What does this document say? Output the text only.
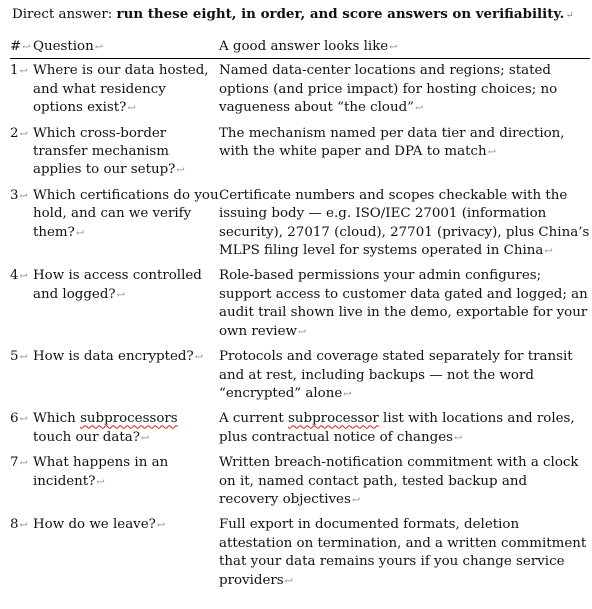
Direct answer: run these eight, in order, and score answers on verifiability.↵
#↩	Question↩	A good answer looks like↩
1↩	Where is our data hosted, and what residency options exist?↩	Named data-center locations and regions; stated options (and price impact) for hosting choices; no vagueness about “the cloud”↩
2↩	Which cross-border transfer mechanism applies to our setup?↩	The mechanism named per data tier and direction, with the white paper and DPA to match↩
3↩	Which certifications do you hold, and can we verify them?↩	Certificate numbers and scopes checkable with the issuing body — e.g. ISO/IEC 27001 (information security), 27017 (cloud), 27701 (privacy), plus China’s MLPS filing level for systems operated in China↩
4↩	How is access controlled and logged?↩	Role-based permissions your admin configures; support access to customer data gated and logged; an audit trail shown live in the demo, exportable for your own review↩
5↩	How is data encrypted?↩	Protocols and coverage stated separately for transit and at rest, including backups — not the word “encrypted” alone↩
6↩	Which subprocessors touch our data?↩	A current subprocessor list with locations and roles, plus contractual notice of changes↩
7↩	What happens in an incident?↩	Written breach-notification commitment with a clock on it, named contact path, tested backup and recovery objectives↩
8↩	How do we leave?↩	Full export in documented formats, deletion attestation on termination, and a written commitment that your data remains yours if you change service providers↩
